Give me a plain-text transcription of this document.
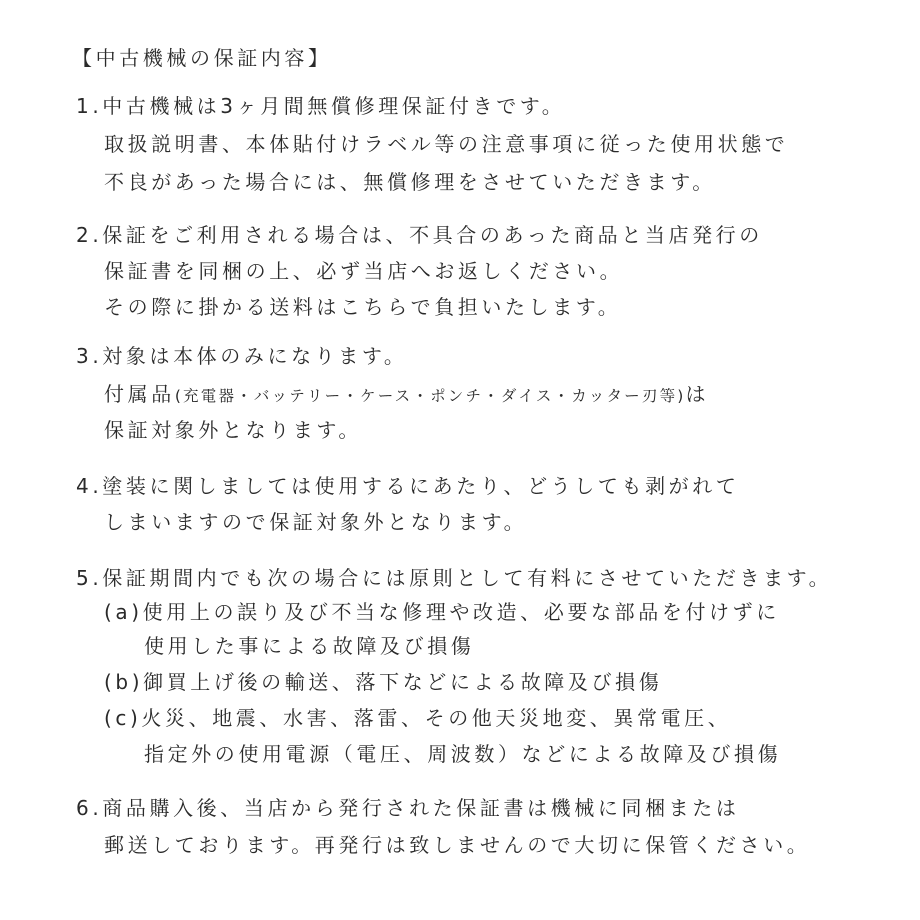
【中古機械の保証内容】
1.中古機械は3ヶ月間無償修理保証付きです。
取扱説明書、本体貼付けラベル等の注意事項に従った使用状態で
不良があった場合には、無償修理をさせていただきます。
2.保証をご利用される場合は、不具合のあった商品と当店発行の
保証書を同梱の上、必ず当店へお返しください。
その際に掛かる送料はこちらで負担いたします。
3.対象は本体のみになります。
付属品(充電器・バッテリー・ケース・ポンチ・ダイス・カッター刃等)は
保証対象外となります。
4.塗装に関しましては使用するにあたり、どうしても剥がれて
しまいますので保証対象外となります。
5.保証期間内でも次の場合には原則として有料にさせていただきます。
(a)使用上の誤り及び不当な修理や改造、必要な部品を付けずに
使用した事による故障及び損傷
(b)御買上げ後の輸送、落下などによる故障及び損傷
(c)火災、地震、水害、落雷、その他天災地変、異常電圧、
指定外の使用電源（電圧、周波数）などによる故障及び損傷
6.商品購入後、当店から発行された保証書は機械に同梱または
郵送しております。再発行は致しませんので大切に保管ください。
